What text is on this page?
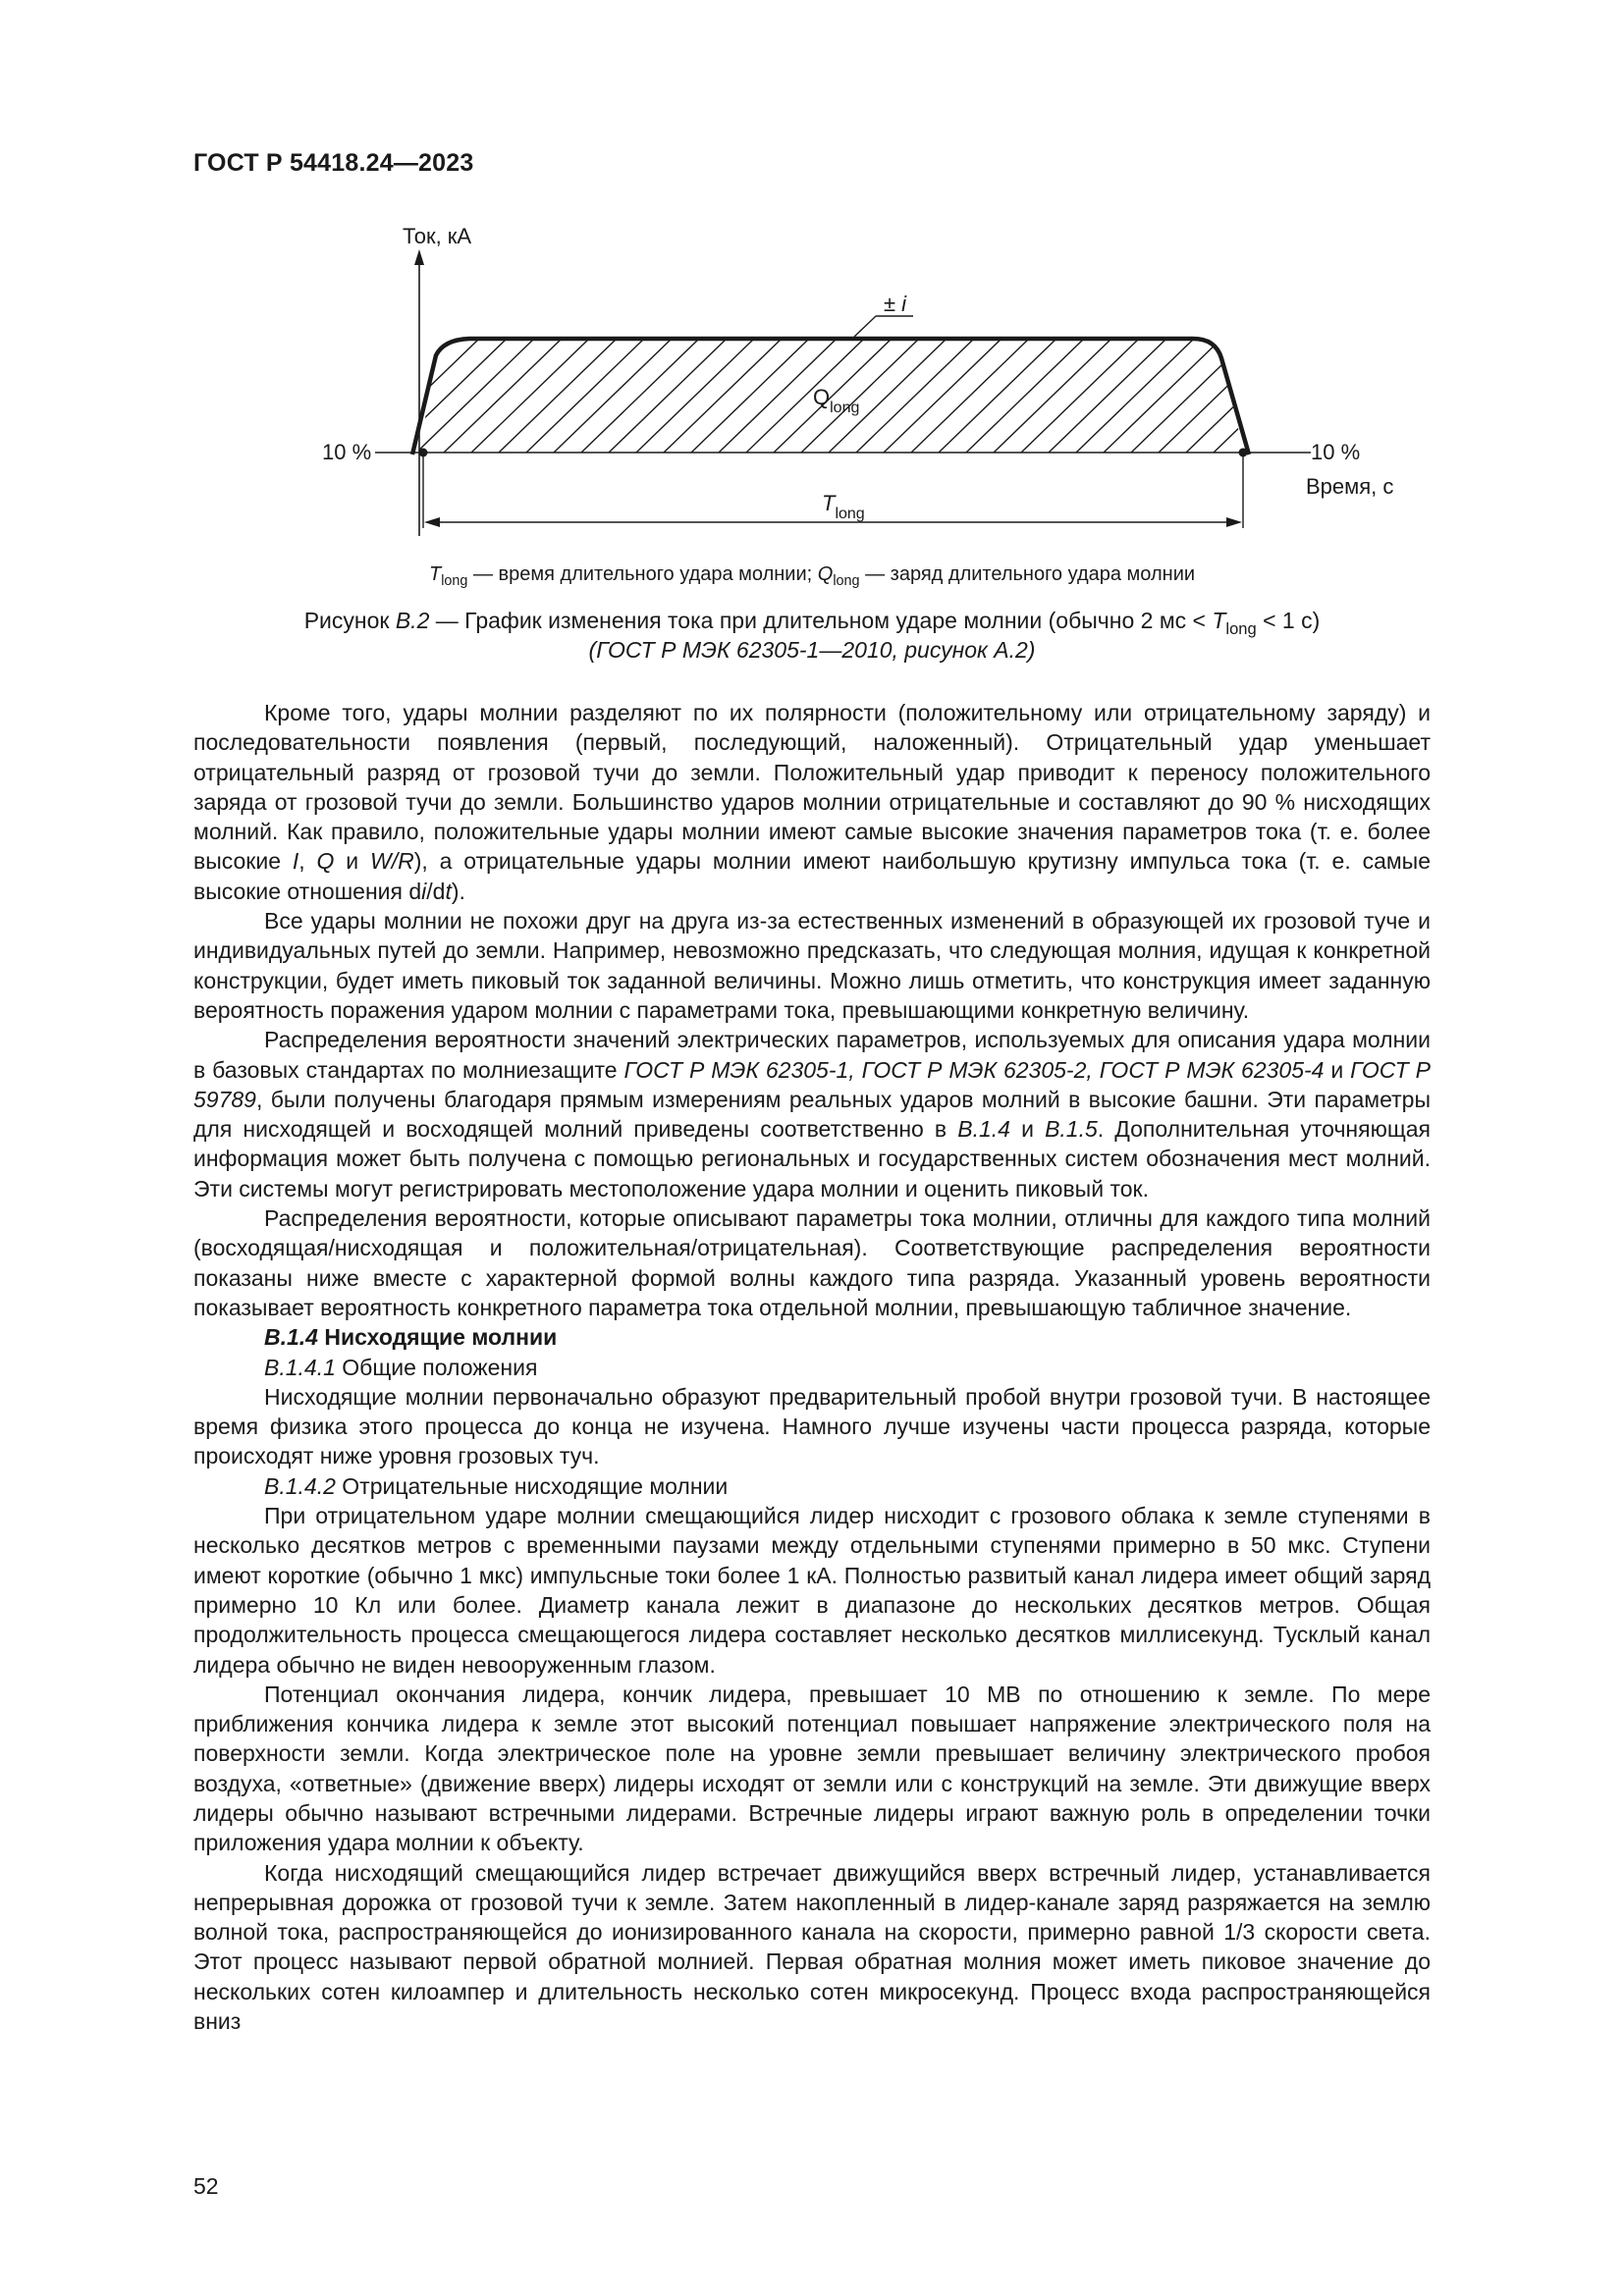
ГОСТ Р 54418.24—2023
Ток, кА
10 %	10 %
Время, с
± i
$Q_{long}$
$T_{long}$
$T_{long}$ — время длительного удара молнии; $Q_{long}$ — заряд длительного удара молнии
Рисунок В.2 — График изменения тока при длительном ударе молнии (обычно 2 мс < $T_{long} < 1$ с)
(ГОСТ Р МЭК 62305-1—2010, рисунок А.2)

Кроме того, удары молнии разделяют по их полярности (положительному или отрицательному заряду) и последовательности появления (первый, последующий, наложенный). Отрицательный удар уменьшает отрицательный разряд от грозовой тучи до земли. Положительный удар приводит к переносу положительного заряда от грозовой тучи до земли. Большинство ударов молнии отрицательные и составляют до 90 % нисходящих молний. Как правило, положительные удары молнии имеют самые высокие значения параметров тока (т. е. более высокие I, Q и W/R), а отрицательные удары молнии имеют наибольшую крутизну импульса тока (т. е. самые высокие отношения di/dt).

Все удары молнии не похожи друг на друга из-за естественных изменений в образующей их грозовой туче и индивидуальных путей до земли. Например, невозможно предсказать, что следующая молния, идущая к конкретной конструкции, будет иметь пиковый ток заданной величины. Можно лишь отметить, что конструкция имеет заданную вероятность поражения ударом молнии с параметрами тока, превышающими конкретную величину.

Распределения вероятности значений электрических параметров, используемых для описания удара молнии в базовых стандартах по молниезащите ГОСТ Р МЭК 62305-1, ГОСТ Р МЭК 62305-2, ГОСТ Р МЭК 62305-4 и ГОСТ Р 59789, были получены благодаря прямым измерениям реальных ударов молний в высокие башни. Эти параметры для нисходящей и восходящей молний приведены соответственно в В.1.4 и В.1.5. Дополнительная уточняющая информация может быть получена с помощью региональных и государственных систем обозначения мест молний. Эти системы могут регистрировать местоположение удара молнии и оценить пиковый ток.

Распределения вероятности, которые описывают параметры тока молнии, отличны для каждого типа молний (восходящая/нисходящая и положительная/отрицательная). Соответствующие распределения вероятности показаны ниже вместе с характерной формой волны каждого типа разряда. Указанный уровень вероятности показывает вероятность конкретного параметра тока отдельной молнии, превышающую табличное значение.

В.1.4 Нисходящие молнии

В.1.4.1 Общие положения

Нисходящие молнии первоначально образуют предварительный пробой внутри грозовой тучи. В настоящее время физика этого процесса до конца не изучена. Намного лучше изучены части процесса разряда, которые происходят ниже уровня грозовых туч.

В.1.4.2 Отрицательные нисходящие молнии

При отрицательном ударе молнии смещающийся лидер нисходит с грозового облака к земле ступенями в несколько десятков метров с временными паузами между отдельными ступенями примерно в 50 мкс. Ступени имеют короткие (обычно 1 мкс) импульсные токи более 1 кА. Полностью развитый канал лидера имеет общий заряд примерно 10 Кл или более. Диаметр канала лежит в диапазоне до нескольких десятков метров. Общая продолжительность процесса смещающегося лидера составляет несколько десятков миллисекунд. Тусклый канал лидера обычно не виден невооруженным глазом.

Потенциал окончания лидера, кончик лидера, превышает 10 МВ по отношению к земле. По мере приближения кончика лидера к земле этот высокий потенциал повышает напряжение электрического поля на поверхности земли. Когда электрическое поле на уровне земли превышает величину электрического пробоя воздуха, «ответные» (движение вверх) лидеры исходят от земли или с конструкций на земле. Эти движущие вверх лидеры обычно называют встречными лидерами. Встречные лидеры играют важную роль в определении точки приложения удара молнии к объекту.

Когда нисходящий смещающийся лидер встречает движущийся вверх встречный лидер, устанавливается непрерывная дорожка от грозовой тучи к земле. Затем накопленный в лидер-канале заряд разряжается на землю волной тока, распространяющейся до ионизированного канала на скорости, примерно равной 1/3 скорости света. Этот процесс называют первой обратной молнией. Первая обратная молния может иметь пиковое значение до нескольких сотен килоампер и длительность несколько сотен микросекунд. Процесс входа распространяющейся вниз

52
